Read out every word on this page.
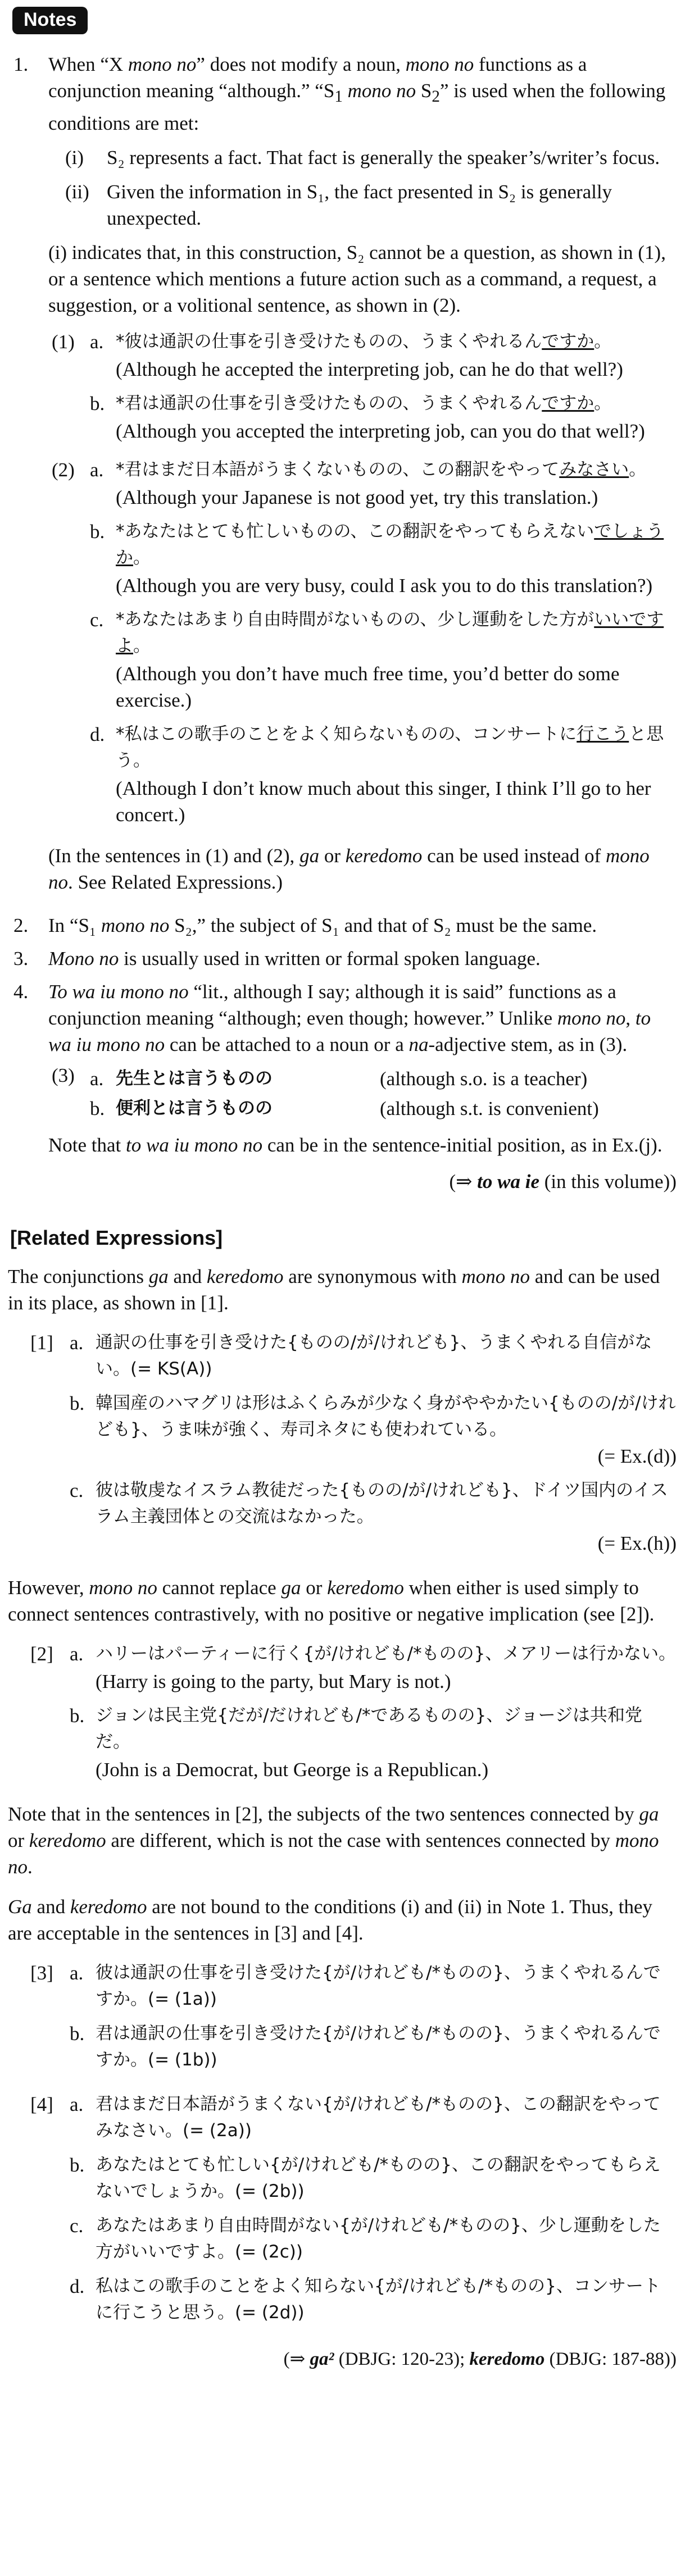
Notes
1.	When “X mono no” does not modify a noun, mono no functions as a conjunction meaning “although.” “$S_1$ mono no $S_2$” is used when the following conditions are met:

(i)	S₂ represents a fact. That fact is generally the speaker’s/writer’s focus.
(ii) Given the information in S₁, the fact presented in S₂ is generally unexpected.

(i) indicates that, in this construction, S₂ cannot be a question, as shown in (1), or a sentence which mentions a future action such as a command, a request, a suggestion, or a volitional sentence, as shown in (2).

(1) a. *彼は通訳の仕事を引き受けたものの、うまくやれるんですか。

(Although he accepted the interpreting job, can he do that well?)

b. *君は通訳の仕事を引き受けたものの、うまくやれるんですか。

(Although you accepted the interpreting job, can you do that well?)

(2) a. *君はまだ日本語がうまくないものの、この翻訳をやってみなさい。

(Although your Japanese is not good yet, try this translation.)

b. *あなたはとても忙しいものの、この翻訳をやってもらえないでしょうか。

(Although you are very busy, could I ask you to do this translation?)

c. *あなたはあまり自由時間がないものの、少し運動をした方がいいですよ。

(Although you don’t have much free time, you’d better do some exercise.)

d. *私はこの歌手のことをよく知らないものの、コンサートに行こうと思う。

(Although I don’t know much about this singer, I think I’ll go to her concert.)

(In the sentences in (1) and (2), ga or keredomo can be used instead of mono no. See Related Expressions.)

2.	In “S₁ mono no S₂,” the subject of S₁ and that of S₂ must be the same.

3.	Mono no is usually used in written or formal spoken language.

4.	To wa iu mono no “lit., although I say; although it is said” functions as a conjunction meaning “although; even though; however.” Unlike mono no, to wa iu mono no can be attached to a noun or a na-adjective stem, as in (3).

(3) a. 先生とは言うものの	(although s.o. is a teacher)

b. 便利とは言うものの	(although s.t. is convenient)

Note that to wa iu mono no can be in the sentence-initial position, as in Ex.(j).

(⇒ to wa ie (in this volume))

[Related Expressions]

The conjunctions ga and keredomo are synonymous with mono no and can be used in its place, as shown in [1].

[1] a. 通訳の仕事を引き受けた{ものの/が/けれども}、うまくやれる自信がない。(= KS(A))
b. 韓国産のハマグリは形はふくらみが少なく身がややかたい{ものの/が/けれども}、うま味が強く、寿司ネタにも使われている。

(= Ex.(d))

c. 彼は敬虔なイスラム教徒だった{ものの/が/けれども}、ドイツ国内のイスラム主義団体との交流はなかった。

(= Ex.(h))

However, mono no cannot replace ga or keredomo when either is used simply to connect sentences contrastively, with no positive or negative implication (see [2]).

[2] a. ハリーはパーティーに行く{が/けれども/*ものの}、メアリーは行かない。

(Harry is going to the party, but Mary is not.)

b. ジョンは民主党{だが/だけれども/*であるものの}、ジョージは共和党だ。

(John is a Democrat, but George is a Republican.)

Note that in the sentences in [2], the subjects of the two sentences connected by ga or keredomo are different, which is not the case with sentences connected by mono no.

Ga and keredomo are not bound to the conditions (i) and (ii) in Note 1. Thus, they are acceptable in the sentences in [3] and [4].

[3] a. 彼は通訳の仕事を引き受けた{が/けれども/*ものの}、うまくやれるんですか。(= (1a))
b. 君は通訳の仕事を引き受けた{が/けれども/*ものの}、うまくやれるんですか。(= (1b))
[4] a. 君はまだ日本語がうまくない{が/けれども/*ものの}、この翻訳をやってみなさい。(= (2a))
b. あなたはとても忙しい{が/けれども/*ものの}、この翻訳をやってもらえないでしょうか。(= (2b))
c. あなたはあまり自由時間がない{が/けれども/*ものの}、少し運動をした方がいいですよ。(= (2c))
d. 私はこの歌手のことをよく知らない{が/けれども/*ものの}、コンサートに行こうと思う。(= (2d))

(⇒ ga² (DBJG: 120-23); keredomo (DBJG: 187-88))
